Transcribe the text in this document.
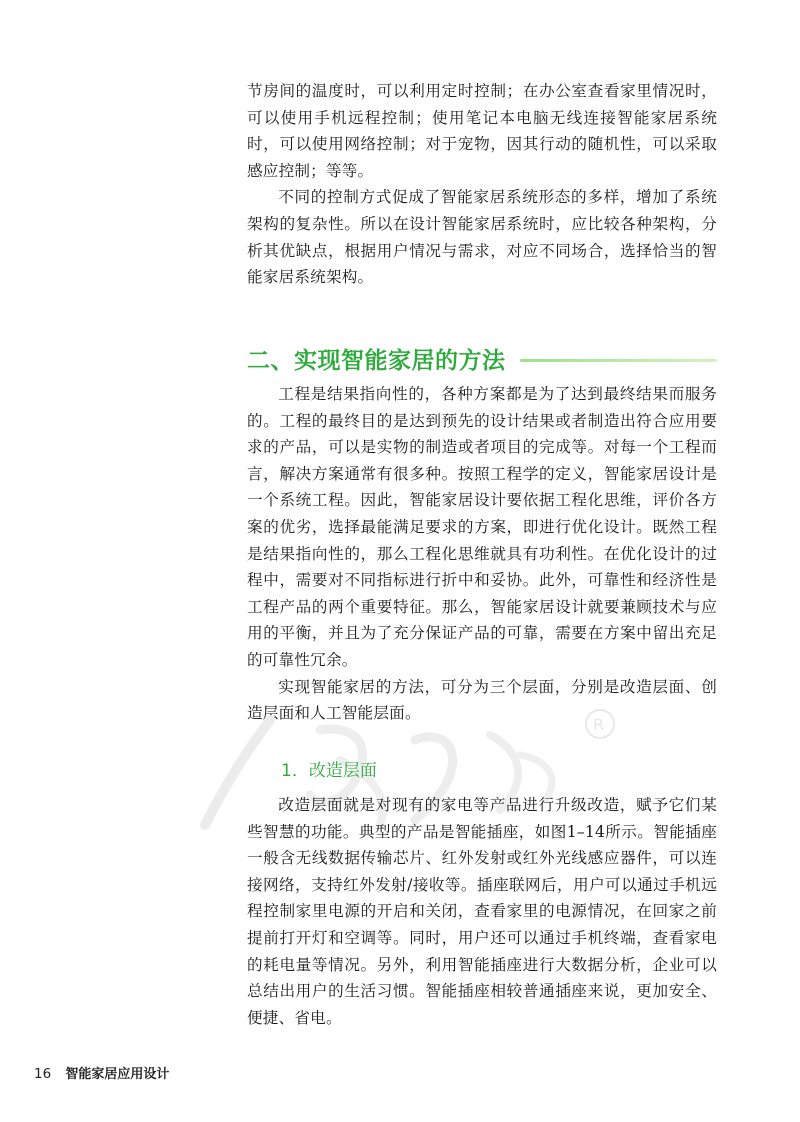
节房间的温度时，可以利用定时控制；在办公室查看家里情况时，可以使用手机远程控制；使用笔记本电脑无线连接智能家居系统时，可以使用网络控制；对于宠物，因其行动的随机性，可以采取感应控制；等等。

不同的控制方式促成了智能家居系统形态的多样，增加了系统架构的复杂性。所以在设计智能家居系统时，应比较各种架构，分析其优缺点，根据用户情况与需求，对应不同场合，选择恰当的智能家居系统架构。

二、实现智能家居的方法

工程是结果指向性的，各种方案都是为了达到最终结果而服务的。工程的最终目的是达到预先的设计结果或者制造出符合应用要求的产品，可以是实物的制造或者项目的完成等。对每一个工程而言，解决方案通常有很多种。按照工程学的定义，智能家居设计是一个系统工程。因此，智能家居设计要依据工程化思维，评价各方案的优劣，选择最能满足要求的方案，即进行优化设计。既然工程是结果指向性的，那么工程化思维就具有功利性。在优化设计的过程中，需要对不同指标进行折中和妥协。此外，可靠性和经济性是工程产品的两个重要特征。那么，智能家居设计就要兼顾技术与应用的平衡，并且为了充分保证产品的可靠，需要在方案中留出充足的可靠性冗余。

实现智能家居的方法，可分为三个层面，分别是改造层面、创造层面和人工智能层面。

R
1．改造层面

改造层面就是对现有的家电等产品进行升级改造，赋予它们某些智慧的功能。典型的产品是智能插座，如图1–14所示。智能插座一般含无线数据传输芯片、红外发射或红外光线感应器件，可以连接网络，支持红外发射/接收等。插座联网后，用户可以通过手机远程控制家里电源的开启和关闭，查看家里的电源情况，在回家之前提前打开灯和空调等。同时，用户还可以通过手机终端，查看家电的耗电量等情况。另外，利用智能插座进行大数据分析，企业可以总结出用户的生活习惯。智能插座相较普通插座来说，更加安全、便捷、省电。

16 智能家居应用设计
